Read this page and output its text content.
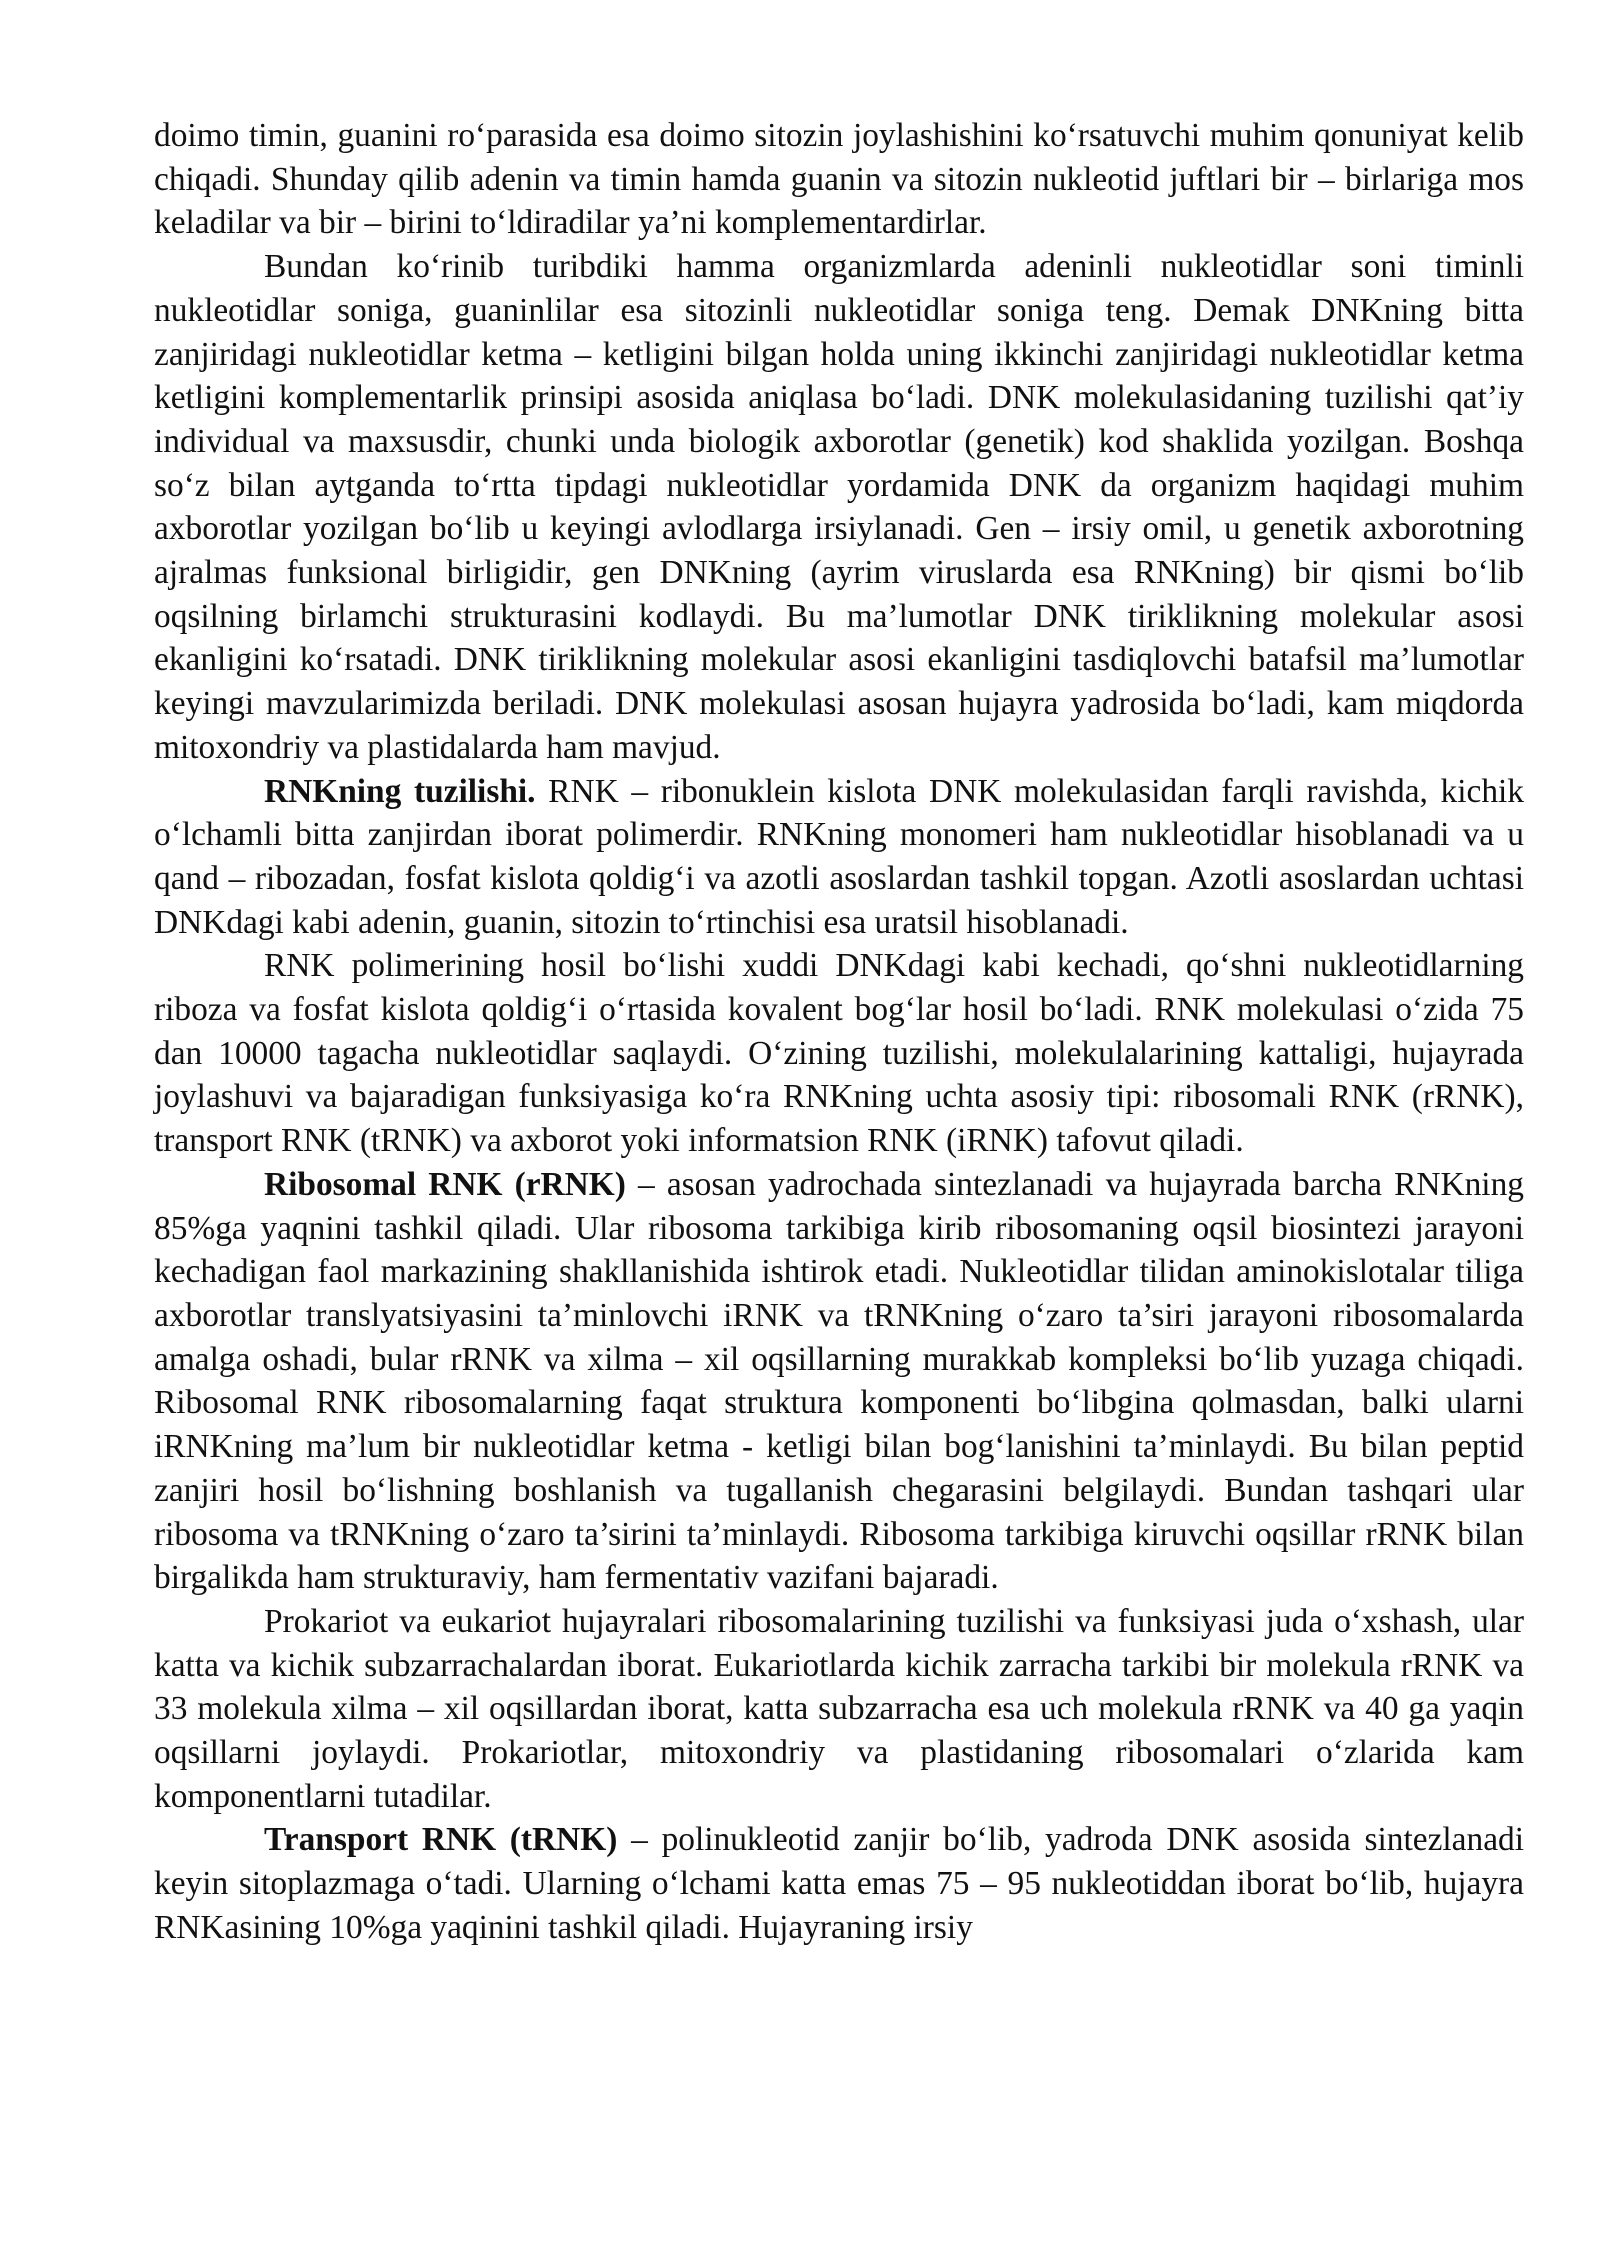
doimo timin, guanini ro‘parasida esa doimo sitozin joylashishini ko‘rsatuvchi muhim qonuniyat kelib chiqadi. Shunday qilib adenin va timin hamda guanin va sitozin nukleotid juftlari bir – birlariga mos keladilar va bir – birini to‘ldiradilar ya’ni komplementardirlar.

Bundan ko‘rinib turibdiki hamma organizmlarda adeninli nukleotidlar soni timinli nukleotidlar soniga, guaninlilar esa sitozinli nukleotidlar soniga teng. Demak DNKning bitta zanjiridagi nukleotidlar ketma – ketligini bilgan holda uning ikkinchi zanjiridagi nukleotidlar ketma ketligini komplementarlik prinsipi asosida aniqlasa bo‘ladi. DNK molekulasidaning tuzilishi qat’iy individual va maxsusdir, chunki unda biologik axborotlar (genetik) kod shaklida yozilgan. Boshqa so‘z bilan aytganda to‘rtta tipdagi nukleotidlar yordamida DNK da organizm haqidagi muhim axborotlar yozilgan bo‘lib u keyingi avlodlarga irsiylanadi. Gen – irsiy omil, u genetik axborotning ajralmas funksional birligidir, gen DNKning (ayrim viruslarda esa RNKning) bir qismi bo‘lib oqsilning birlamchi strukturasini kodlaydi. Bu ma’lumotlar DNK tiriklikning molekular asosi ekanligini ko‘rsatadi. DNK tiriklikning molekular asosi ekanligini tasdiqlovchi batafsil ma’lumotlar keyingi mavzularimizda beriladi. DNK molekulasi asosan hujayra yadrosida bo‘ladi, kam miqdorda mitoxondriy va plastidalarda ham mavjud.

RNKning tuzilishi. RNK – ribonuklein kislota DNK molekulasidan farqli ravishda, kichik o‘lchamli bitta zanjirdan iborat polimerdir. RNKning monomeri ham nukleotidlar hisoblanadi va u qand – ribozadan, fosfat kislota qoldig‘i va azotli asoslardan tashkil topgan. Azotli asoslardan uchtasi DNKdagi kabi adenin, guanin, sitozin to‘rtinchisi esa uratsil hisoblanadi.

RNK polimerining hosil bo‘lishi xuddi DNKdagi kabi kechadi, qo‘shni nukleotidlarning riboza va fosfat kislota qoldig‘i o‘rtasida kovalent bog‘lar hosil bo‘ladi. RNK molekulasi o‘zida 75 dan 10000 tagacha nukleotidlar saqlaydi. O‘zining tuzilishi, molekulalarining kattaligi, hujayrada joylashuvi va bajaradigan funksiyasiga ko‘ra RNKning uchta asosiy tipi: ribosomali RNK (rRNK), transport RNK (tRNK) va axborot yoki informatsion RNK (iRNK) tafovut qiladi.

Ribosomal RNK (rRNK) – asosan yadrochada sintezlanadi va hujayrada barcha RNKning 85%ga yaqnini tashkil qiladi. Ular ribosoma tarkibiga kirib ribosomaning oqsil biosintezi jarayoni kechadigan faol markazining shakllanishida ishtirok etadi. Nukleotidlar tilidan aminokislotalar tiliga axborotlar translyatsiyasini ta’minlovchi iRNK va tRNKning o‘zaro ta’siri jarayoni ribosomalarda amalga oshadi, bular rRNK va xilma – xil oqsillarning murakkab kompleksi bo‘lib yuzaga chiqadi. Ribosomal RNK ribosomalarning faqat struktura komponenti bo‘libgina qolmasdan, balki ularni iRNKning ma’lum bir nukleotidlar ketma - ketligi bilan bog‘lanishini ta’minlaydi. Bu bilan peptid zanjiri hosil bo‘lishning boshlanish va tugallanish chegarasini belgilaydi. Bundan tashqari ular ribosoma va tRNKning o‘zaro ta’sirini ta’minlaydi. Ribosoma tarkibiga kiruvchi oqsillar rRNK bilan birgalikda ham strukturaviy, ham fermentativ vazifani bajaradi.

Prokariot va eukariot hujayralari ribosomalarining tuzilishi va funksiyasi juda o‘xshash, ular katta va kichik subzarrachalardan iborat. Eukariotlarda kichik zarracha tarkibi bir molekula rRNK va 33 molekula xilma – xil oqsillardan iborat, katta subzarracha esa uch molekula rRNK va 40 ga yaqin oqsillarni joylaydi. Prokariotlar, mitoxondriy va plastidaning ribosomalari o‘zlarida kam komponentlarni tutadilar.

Transport RNK (tRNK) – polinukleotid zanjir bo‘lib, yadroda DNK asosida sintezlanadi keyin sitoplazmaga o‘tadi. Ularning o‘lchami katta emas 75 – 95 nukleotiddan iborat bo‘lib, hujayra RNKasining 10%ga yaqinini tashkil qiladi. Hujayraning irsiy
